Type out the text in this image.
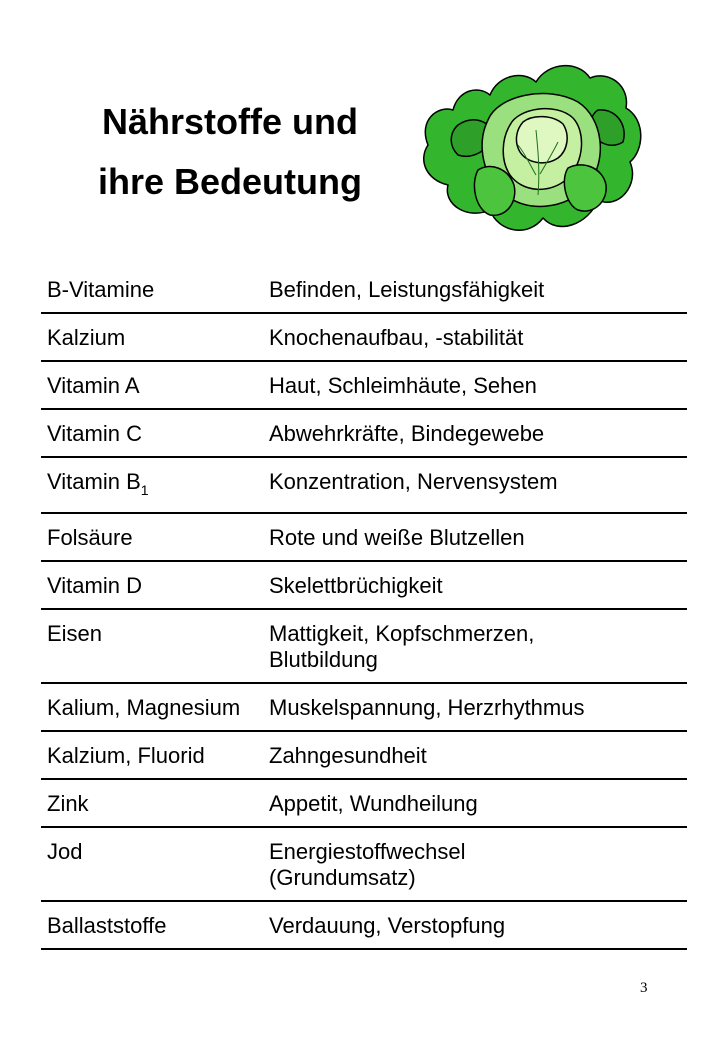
Nährstoffe und
ihre Bedeutung
B-Vitamine	Befinden, Leistungsfähigkeit

Kalzium	Knochenaufbau, -stabilität

Vitamin A	Haut, Schleimhäute, Sehen

Vitamin C	Abwehrkräfte, Bindegewebe

Vitamin $B_1$	Konzentration, Nervensystem

Folsäure	Rote und weiße Blutzellen

Vitamin D	Skelettbrüchigkeit

Eisen	Mattigkeit, Kopfschmerzen,
Blutbildung

Kalium, Magnesium	Muskelspannung, Herzrhythmus

Kalzium, Fluorid	Zahngesundheit

Zink	Appetit, Wundheilung

Jod	Energiestoffwechsel
(Grundumsatz)

Ballaststoffe	Verdauung, Verstopfung
3
